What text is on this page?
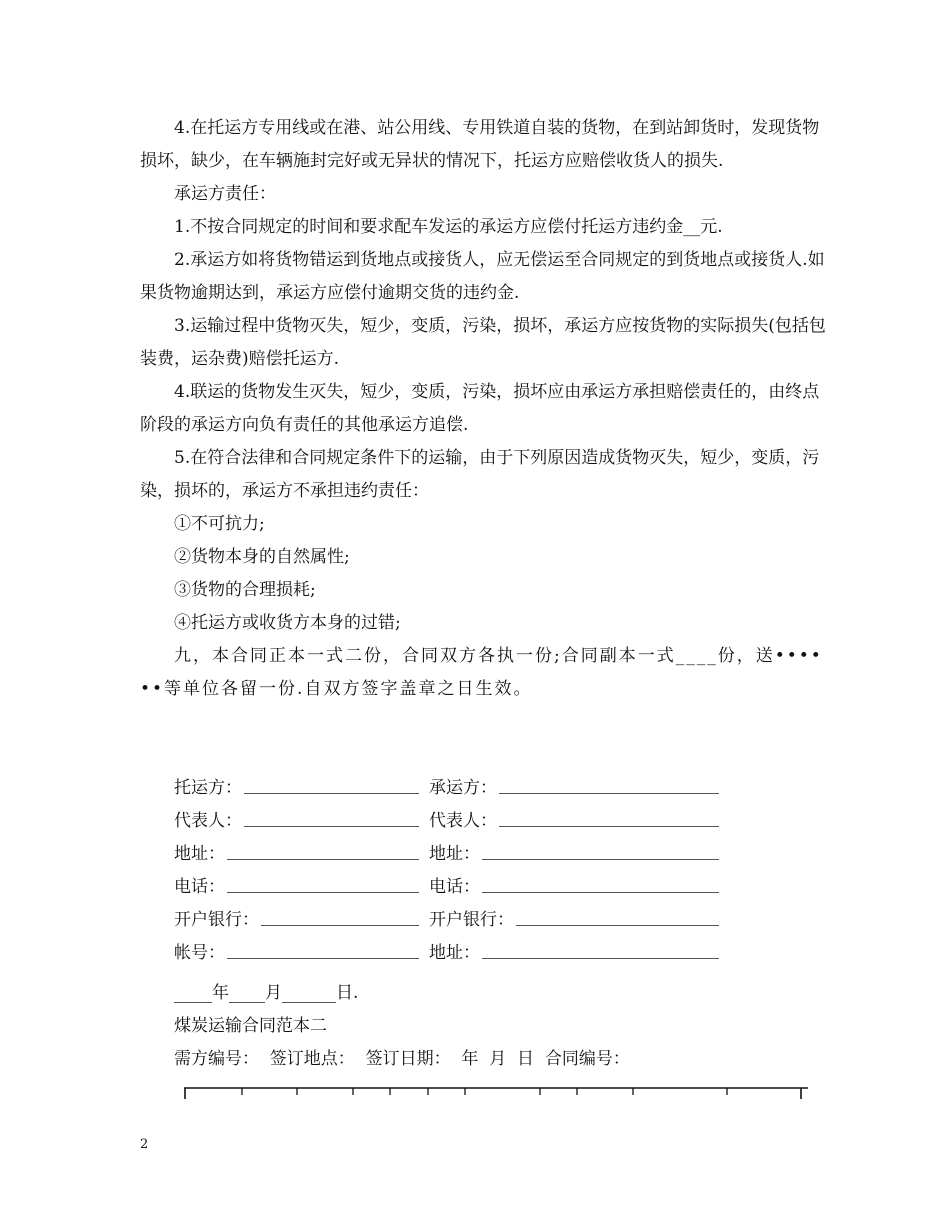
4.在托运方专用线或在港、站公用线、专用铁道自装的货物，在到站卸货时，发现货物损坏，缺少，在车辆施封完好或无异状的情况下，托运方应赔偿收货人的损失.

承运方责任：

1.不按合同规定的时间和要求配车发运的承运方应偿付托运方违约金__元.

2.承运方如将货物错运到货地点或接货人，应无偿运至合同规定的到货地点或接货人.如果货物逾期达到，承运方应偿付逾期交货的违约金.

3.运输过程中货物灭失，短少，变质，污染，损坏，承运方应按货物的实际损失(包括包装费，运杂费)赔偿托运方.

4.联运的货物发生灭失，短少，变质，污染，损坏应由承运方承担赔偿责任的，由终点阶段的承运方向负有责任的其他承运方追偿.

5.在符合法律和合同规定条件下的运输，由于下列原因造成货物灭失，短少，变质，污染，损坏的，承运方不承担违约责任：

①不可抗力;

②货物本身的自然属性;

③货物的合理损耗;

④托运方或收货方本身的过错;

九，本合同正本一式二份，合同双方各执一份;合同副本一式____份，送••••••等单位各留一份.自双方签字盖章之日生效。

托运方：	承运方：
代表人：	代表人：
地址：	地址：
电话：	电话：
开户银行：	开户银行：
帐号：	地址：
年 月	日.
煤炭运输合同范本二
需方编号：  签订地点：  签订日期：  年  月  日  合同编号：
2
